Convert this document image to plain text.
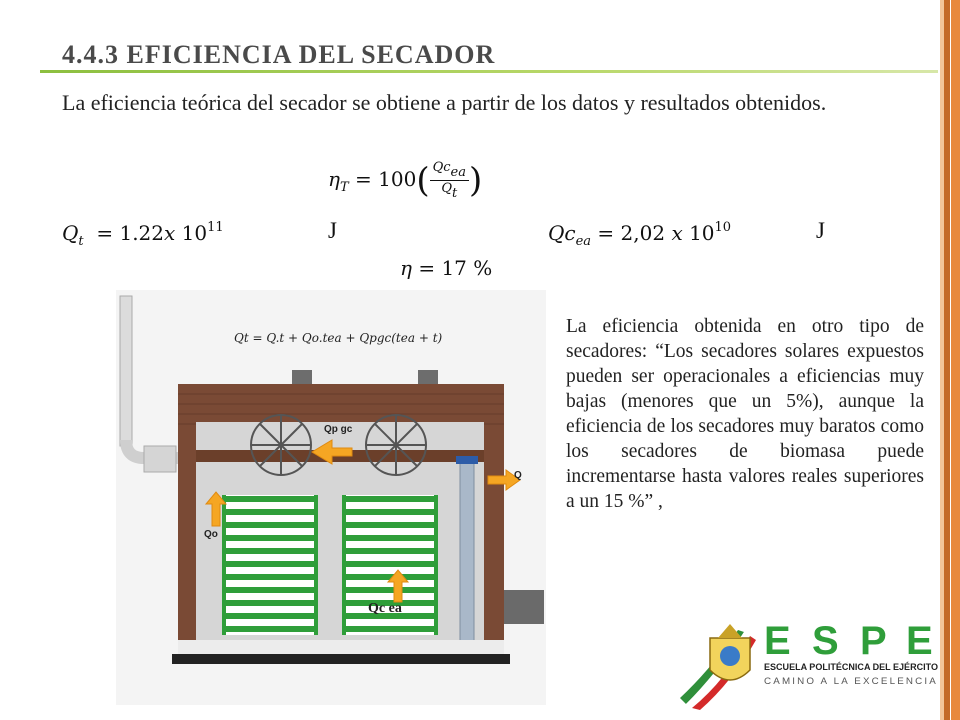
4.4.3 EFICIENCIA DEL SECADOR
La eficiencia teórica del secador se obtiene a partir de los datos y resultados obtenidos.
$\eta_T = 100( \frac{\text{Qcea}}{Qt}$ )
$Q_t = 1.22x$ $10^{11}$	J	$Qc_{ea} = 2,02$ x $10^{10}$	J
η = 17 %
Qt = Q.t + Qo.tea + Qpgc(tea + t)
Qp gc
Q
Qo
Qc ea
La eficiencia obtenida en otro tipo de secadores: “Los secadores solares expuestos pueden ser operacionales a eficiencias muy bajas (menores que un 5%), aunque la eficiencia de los secadores muy baratos como los secadores de biomasa puede incrementarse hasta valores reales superiores a un 15 %” ,
E S P E
ESCUELA POLITÉCNICA DEL EJÉRCITO
CAMINO A LA EXCELENCIA
